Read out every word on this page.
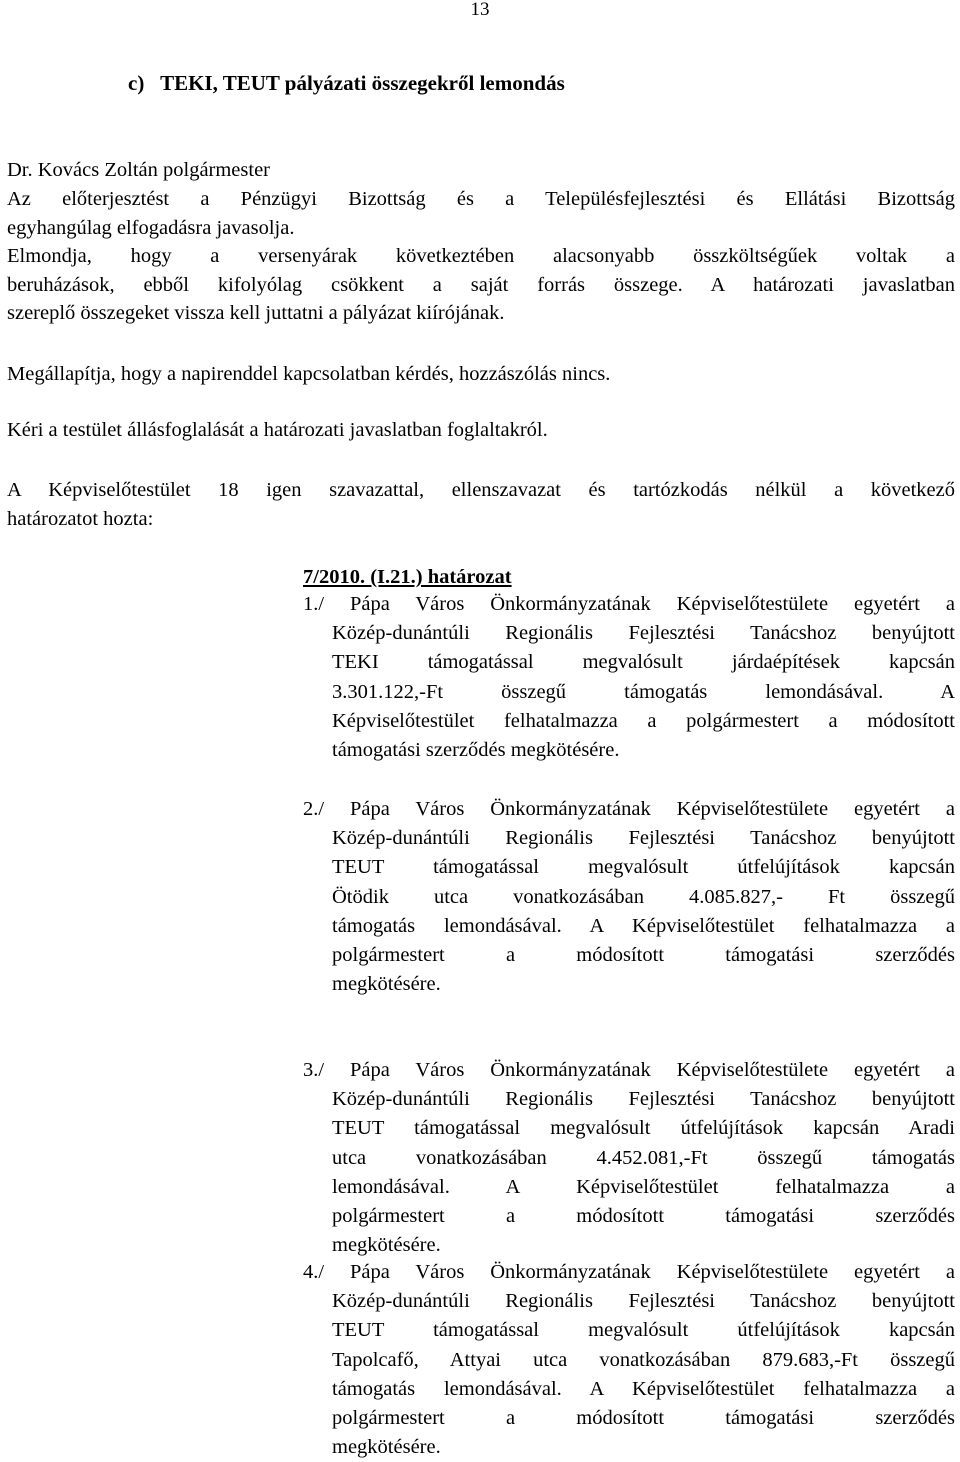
13
c)   TEKI, TEUT pályázati összegekről lemondás
Dr. Kovács Zoltán polgármester
Az előterjesztést a Pénzügyi Bizottság és a Településfejlesztési és Ellátási Bizottság
egyhangúlag elfogadásra javasolja.
Elmondja, hogy a versenyárak következtében alacsonyabb összköltségűek voltak a
beruházások, ebből kifolyólag csökkent a saját forrás összege. A határozati javaslatban
szereplő összegeket vissza kell juttatni a pályázat kiírójának.
Megállapítja, hogy a napirenddel kapcsolatban kérdés, hozzászólás nincs.
Kéri a testület állásfoglalását a határozati javaslatban foglaltakról.
A Képviselőtestület 18 igen szavazattal, ellenszavazat és tartózkodás nélkül a következő
határozatot hozta:
7/2010. (I.21.) határozat
1./ Pápa Város Önkormányzatának Képviselőtestülete egyetért a
Közép-dunántúli Regionális Fejlesztési Tanácshoz benyújtott
TEKI támogatással megvalósult járdaépítések kapcsán
3.301.122,-Ft összegű támogatás lemondásával. A
Képviselőtestület felhatalmazza a polgármestert a módosított
támogatási szerződés megkötésére.
2./ Pápa Város Önkormányzatának Képviselőtestülete egyetért a
Közép-dunántúli Regionális Fejlesztési Tanácshoz benyújtott
TEUT támogatással megvalósult útfelújítások kapcsán
Ötödik utca vonatkozásában 4.085.827,- Ft összegű
támogatás lemondásával. A Képviselőtestület felhatalmazza a
polgármestert a módosított támogatási szerződés
megkötésére.
3./ Pápa Város Önkormányzatának Képviselőtestülete egyetért a
Közép-dunántúli Regionális Fejlesztési Tanácshoz benyújtott
TEUT támogatással megvalósult útfelújítások kapcsán Aradi
utca vonatkozásában 4.452.081,-Ft összegű támogatás
lemondásával. A Képviselőtestület felhatalmazza a
polgármestert a módosított támogatási szerződés
megkötésére.
4./ Pápa Város Önkormányzatának Képviselőtestülete egyetért a
Közép-dunántúli Regionális Fejlesztési Tanácshoz benyújtott
TEUT támogatással megvalósult útfelújítások kapcsán
Tapolcafő, Attyai utca vonatkozásában 879.683,-Ft összegű
támogatás lemondásával. A Képviselőtestület felhatalmazza a
polgármestert a módosított támogatási szerződés
megkötésére.
